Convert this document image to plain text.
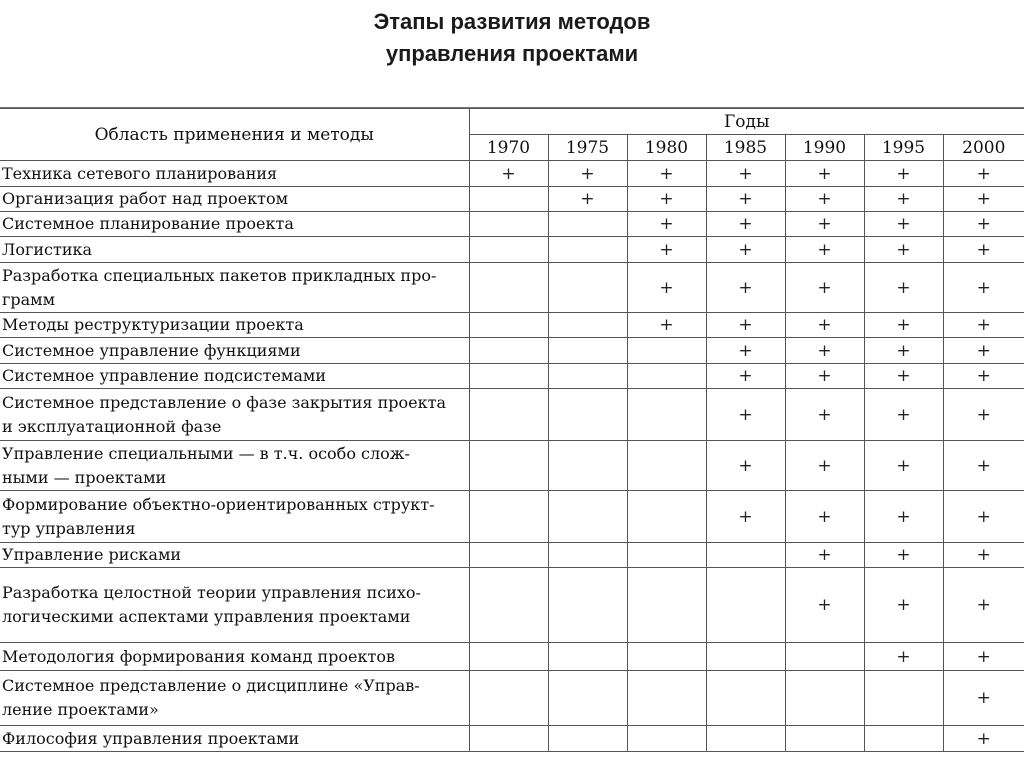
Этапы развития методов
управления проектами
Область применения и методы	Годы						
	1970	1975	1980	1985	1990	1995	2000

Техника сетевого планирования	+	+	+	+	+	+	+

Организация работ над проектом		+	+	+	+	+	+

Системное планирование проекта			+	+	+	+	+

Логистика			+	+	+	+	+

Разработка специальных пакетов прикладных про-
грамм			+	+	+	+	+

Методы реструктуризации проекта			+	+	+	+	+

Системное управление функциями				+	+	+	+

Системное управление подсистемами				+	+	+	+

Системное представление о фазе закрытия проекта
и эксплуатационной фазе				+	+	+	+

Управление специальными — в т.ч. особо слож-
ными — проектами				+	+	+	+

Формирование объектно-ориентированных структ-
тур управления				+	+	+	+

Управление рисками					+	+	+

Разработка целостной теории управления психо-
логическими аспектами управления проектами					+	+	+

Методология формирования команд проектов						+	+

Системное представление о дисциплине «Управ-
ление проектами»							+

Философия управления проектами							+
